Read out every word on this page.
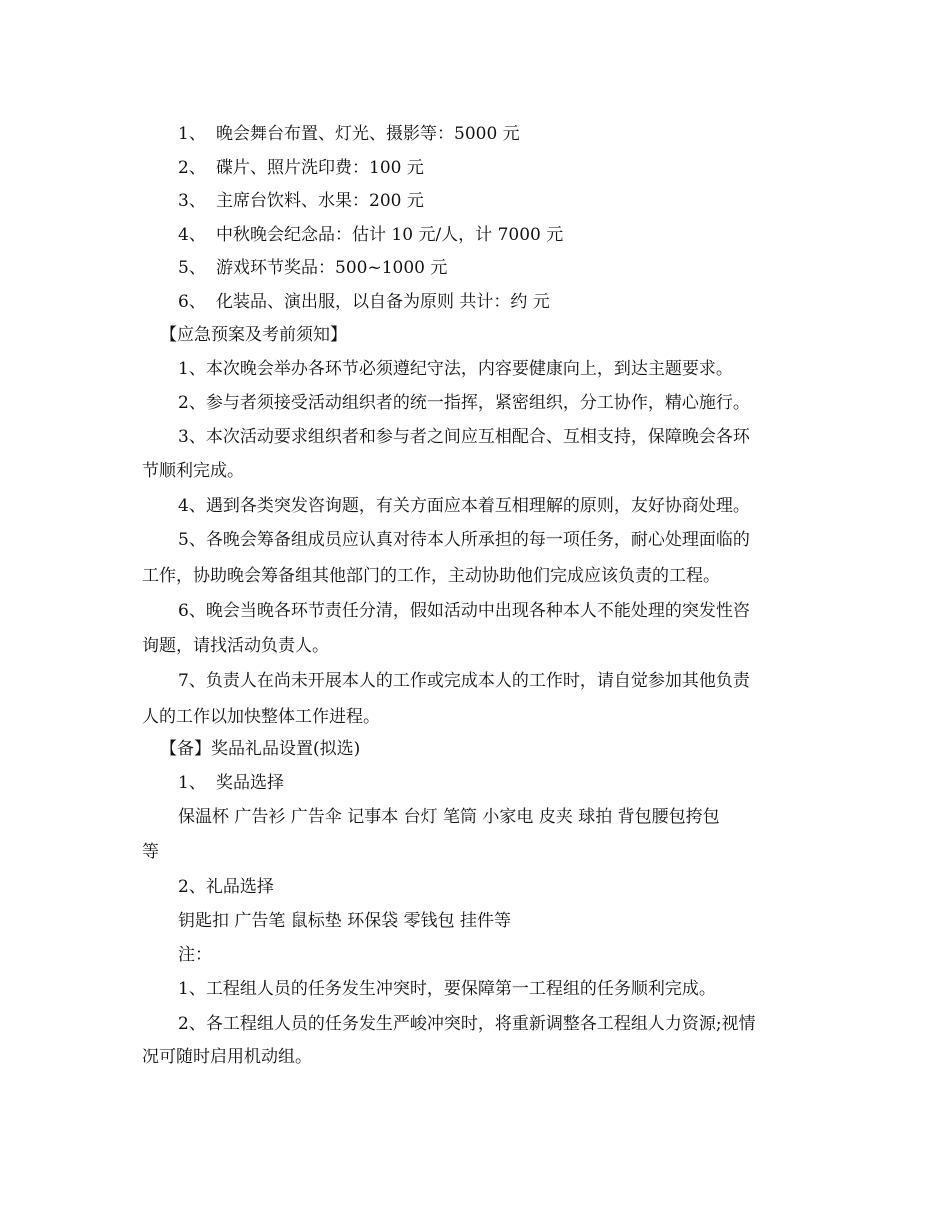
1、 晚会舞台布置、灯光、摄影等：5000 元
2、 碟片、照片洗印费：100 元
3、 主席台饮料、水果：200 元
4、 中秋晚会纪念品：估计 10 元/人，计 7000 元
5、 游戏环节奖品：500~1000 元
6、 化装品、演出服，以自备为原则 共计：约 元
【应急预案及考前须知】
1、本次晚会举办各环节必须遵纪守法，内容要健康向上，到达主题要求。
2、参与者须接受活动组织者的统一指挥，紧密组织，分工协作，精心施行。
3、本次活动要求组织者和参与者之间应互相配合、互相支持，保障晚会各环
节顺利完成。
4、遇到各类突发咨询题，有关方面应本着互相理解的原则，友好协商处理。
5、各晚会筹备组成员应认真对待本人所承担的每一项任务，耐心处理面临的
工作，协助晚会筹备组其他部门的工作，主动协助他们完成应该负责的工程。
6、晚会当晚各环节责任分清，假如活动中出现各种本人不能处理的突发性咨
询题，请找活动负责人。
7、负责人在尚未开展本人的工作或完成本人的工作时，请自觉参加其他负责
人的工作以加快整体工作进程。
【备】奖品礼品设置(拟选)
1、 奖品选择
保温杯 广告衫 广告伞 记事本 台灯 笔筒 小家电 皮夹 球拍 背包腰包挎包
等
2、礼品选择
钥匙扣 广告笔 鼠标垫 环保袋 零钱包 挂件等
注：
1、工程组人员的任务发生冲突时，要保障第一工程组的任务顺利完成。
2、各工程组人员的任务发生严峻冲突时，将重新调整各工程组人力资源;视情
况可随时启用机动组。
